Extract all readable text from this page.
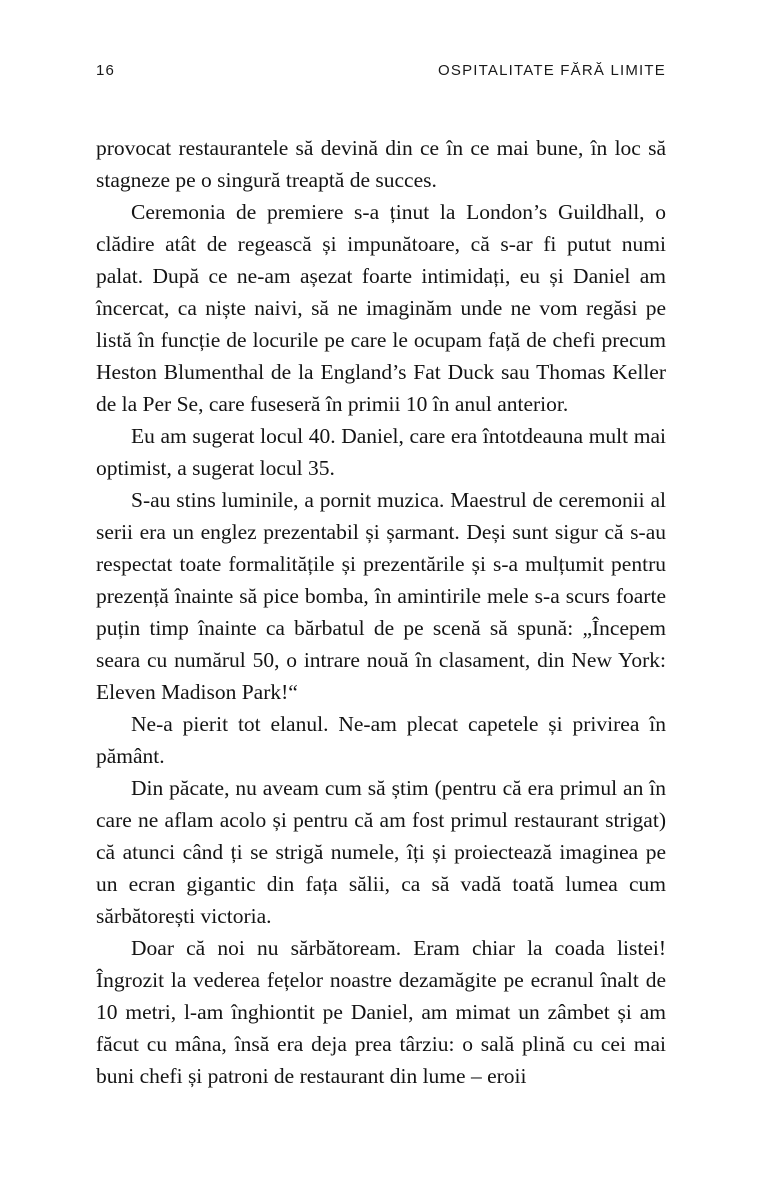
16	OSPITALITATE FĂRĂ LIMITE

provocat restaurantele să devină din ce în ce mai bune, în loc să stagneze pe o singură treaptă de succes.

Ceremonia de premiere s-a ținut la London’s Guildhall, o clădire atât de regească și impunătoare, că s-ar fi putut numi palat. După ce ne-am așezat foarte intimidați, eu și Daniel am încercat, ca niște naivi, să ne imaginăm unde ne vom regăsi pe listă în funcție de locurile pe care le ocupam față de chefi precum Heston Blumenthal de la England’s Fat Duck sau Thomas Keller de la Per Se, care fuseseră în primii 10 în anul anterior.

Eu am sugerat locul 40. Daniel, care era întotdeauna mult mai optimist, a sugerat locul 35.

S-au stins luminile, a pornit muzica. Maestrul de ceremonii al serii era un englez prezentabil și șarmant. Deși sunt sigur că s-au respectat toate formalitățile și prezentările și s-a mulțumit pentru prezență înainte să pice bomba, în amintirile mele s-a scurs foarte puțin timp înainte ca bărbatul de pe scenă să spună: „Începem seara cu numărul 50, o intrare nouă în clasament, din New York: Eleven Madison Park!“

Ne-a pierit tot elanul. Ne-am plecat capetele și privirea în pământ.

Din păcate, nu aveam cum să știm (pentru că era primul an în care ne aflam acolo și pentru că am fost primul restaurant strigat) că atunci când ți se strigă numele, îți și proiectează imaginea pe un ecran gigantic din fața sălii, ca să vadă toată lumea cum sărbătorești victoria.

Doar că noi nu sărbătoream. Eram chiar la coada listei! Îngrozit la vederea fețelor noastre dezamăgite pe ecranul înalt de 10 metri, l-am înghiontit pe Daniel, am mimat un zâmbet și am făcut cu mâna, însă era deja prea târziu: o sală plină cu cei mai buni chefi și patroni de restaurant din lume – eroii
